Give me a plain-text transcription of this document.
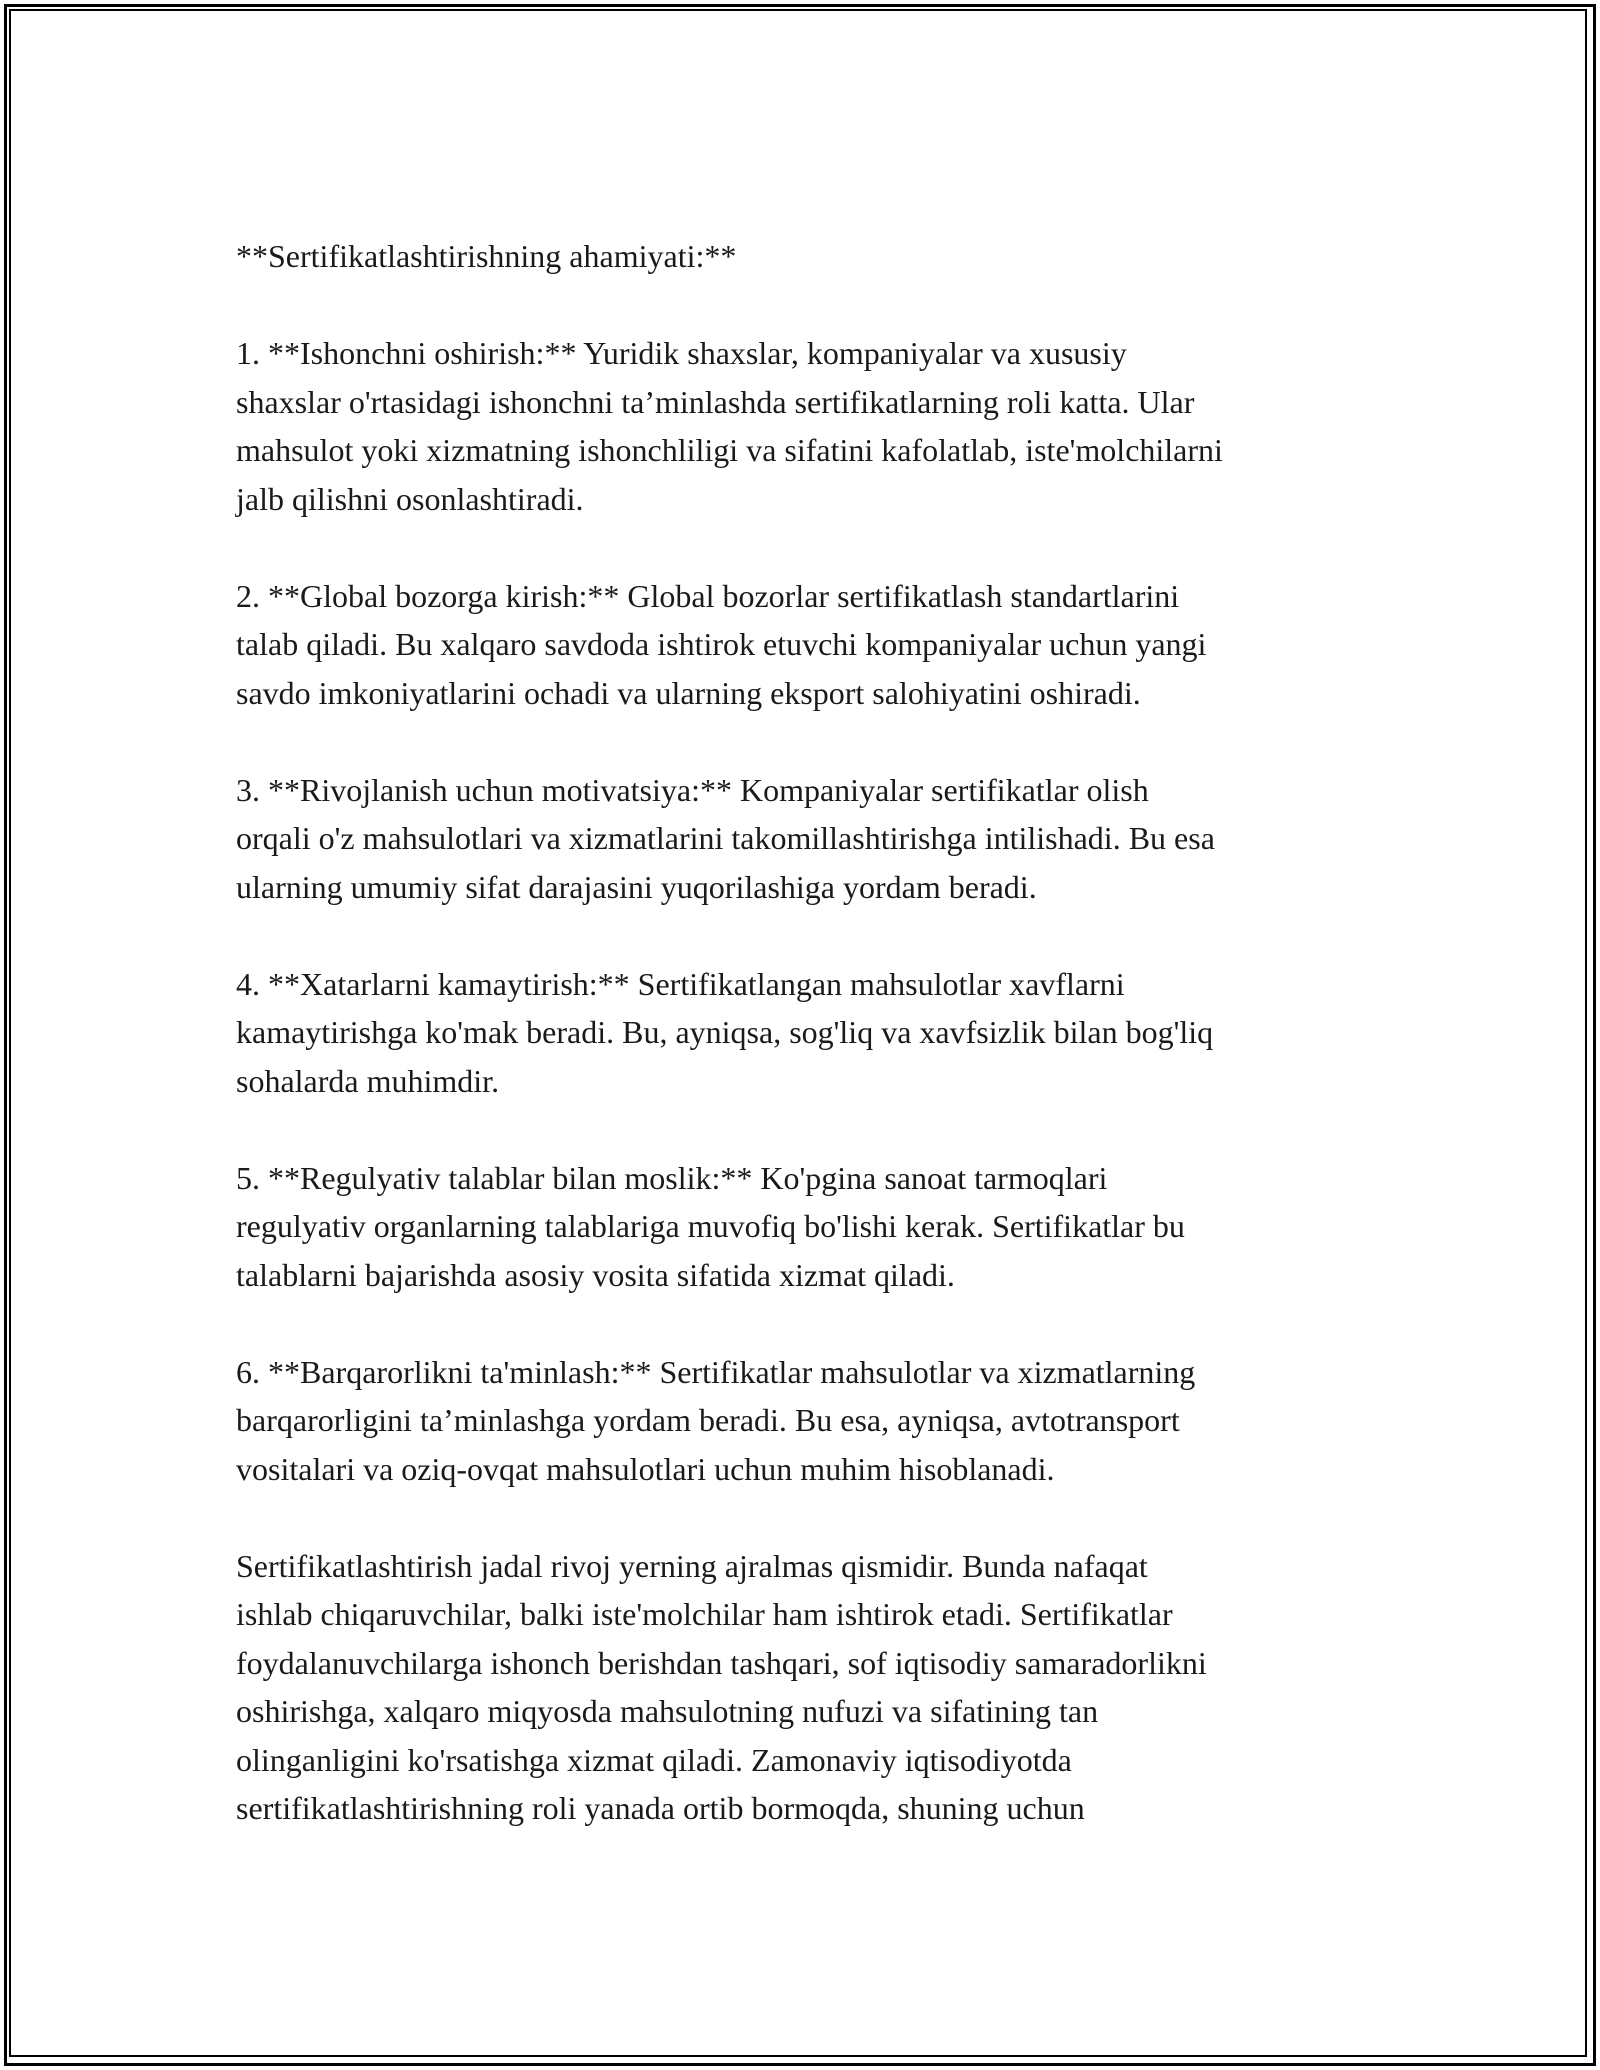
**Sertifikatlashtirishning ahamiyati:**

1. **Ishonchni oshirish:** Yuridik shaxslar, kompaniyalar va xususiy
shaxslar o'rtasidagi ishonchni ta’minlashda sertifikatlarning roli katta. Ular
mahsulot yoki xizmatning ishonchliligi va sifatini kafolatlab, iste'molchilarni
jalb qilishni osonlashtiradi.

2. **Global bozorga kirish:** Global bozorlar sertifikatlash standartlarini
talab qiladi. Bu xalqaro savdoda ishtirok etuvchi kompaniyalar uchun yangi
savdo imkoniyatlarini ochadi va ularning eksport salohiyatini oshiradi.

3. **Rivojlanish uchun motivatsiya:** Kompaniyalar sertifikatlar olish
orqali o'z mahsulotlari va xizmatlarini takomillashtirishga intilishadi. Bu esa
ularning umumiy sifat darajasini yuqorilashiga yordam beradi.

4. **Xatarlarni kamaytirish:** Sertifikatlangan mahsulotlar xavflarni
kamaytirishga ko'mak beradi. Bu, ayniqsa, sog'liq va xavfsizlik bilan bog'liq
sohalarda muhimdir.

5. **Regulyativ talablar bilan moslik:** Ko'pgina sanoat tarmoqlari
regulyativ organlarning talablariga muvofiq bo'lishi kerak. Sertifikatlar bu
talablarni bajarishda asosiy vosita sifatida xizmat qiladi.

6. **Barqarorlikni ta'minlash:** Sertifikatlar mahsulotlar va xizmatlarning
barqarorligini ta’minlashga yordam beradi. Bu esa, ayniqsa, avtotransport
vositalari va oziq-ovqat mahsulotlari uchun muhim hisoblanadi.

Sertifikatlashtirish jadal rivoj yerning ajralmas qismidir. Bunda nafaqat
ishlab chiqaruvchilar, balki iste'molchilar ham ishtirok etadi. Sertifikatlar
foydalanuvchilarga ishonch berishdan tashqari, sof iqtisodiy samaradorlikni
oshirishga, xalqaro miqyosda mahsulotning nufuzi va sifatining tan
olinganligini ko'rsatishga xizmat qiladi. Zamonaviy iqtisodiyotda
sertifikatlashtirishning roli yanada ortib bormoqda, shuning uchun
